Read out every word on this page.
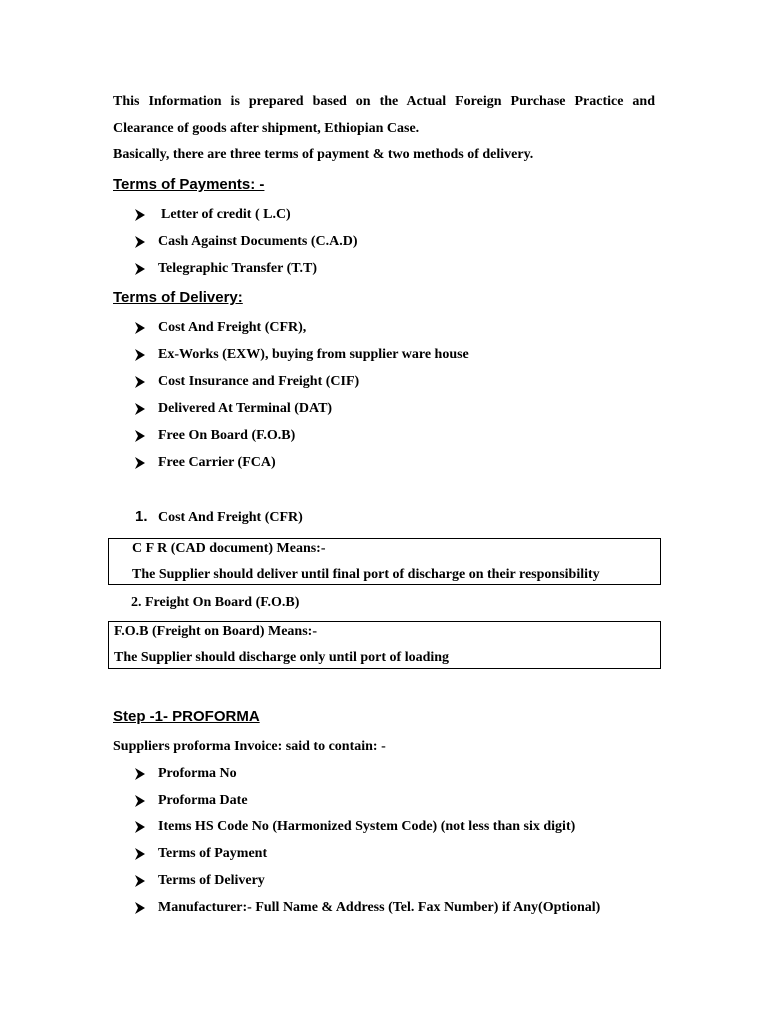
This Information is prepared based on the Actual Foreign Purchase Practice and
Clearance of goods after shipment, Ethiopian Case.
Basically, there are three terms of payment & two methods of delivery.
Terms of Payments: -
Letter of credit ( L.C)
Cash Against Documents (C.A.D)
Telegraphic Transfer (T.T)
Terms of Delivery:
Cost And Freight (CFR),
Ex-Works (EXW), buying from supplier ware house
Cost Insurance and Freight (CIF)
Delivered At Terminal (DAT)
Free On Board (F.O.B)
Free Carrier (FCA)
1. Cost And Freight (CFR)
C F R (CAD document) Means:-
The Supplier should deliver until final port of discharge on their responsibility
2. Freight On Board (F.O.B)
F.O.B (Freight on Board) Means:-
The Supplier should discharge only until port of loading
Step -1- PROFORMA
Suppliers proforma Invoice: said to contain: -
Proforma No
Proforma Date
Items HS Code No (Harmonized System Code) (not less than six digit)
Terms of Payment
Terms of Delivery
Manufacturer:- Full Name & Address (Tel. Fax Number) if Any(Optional)
